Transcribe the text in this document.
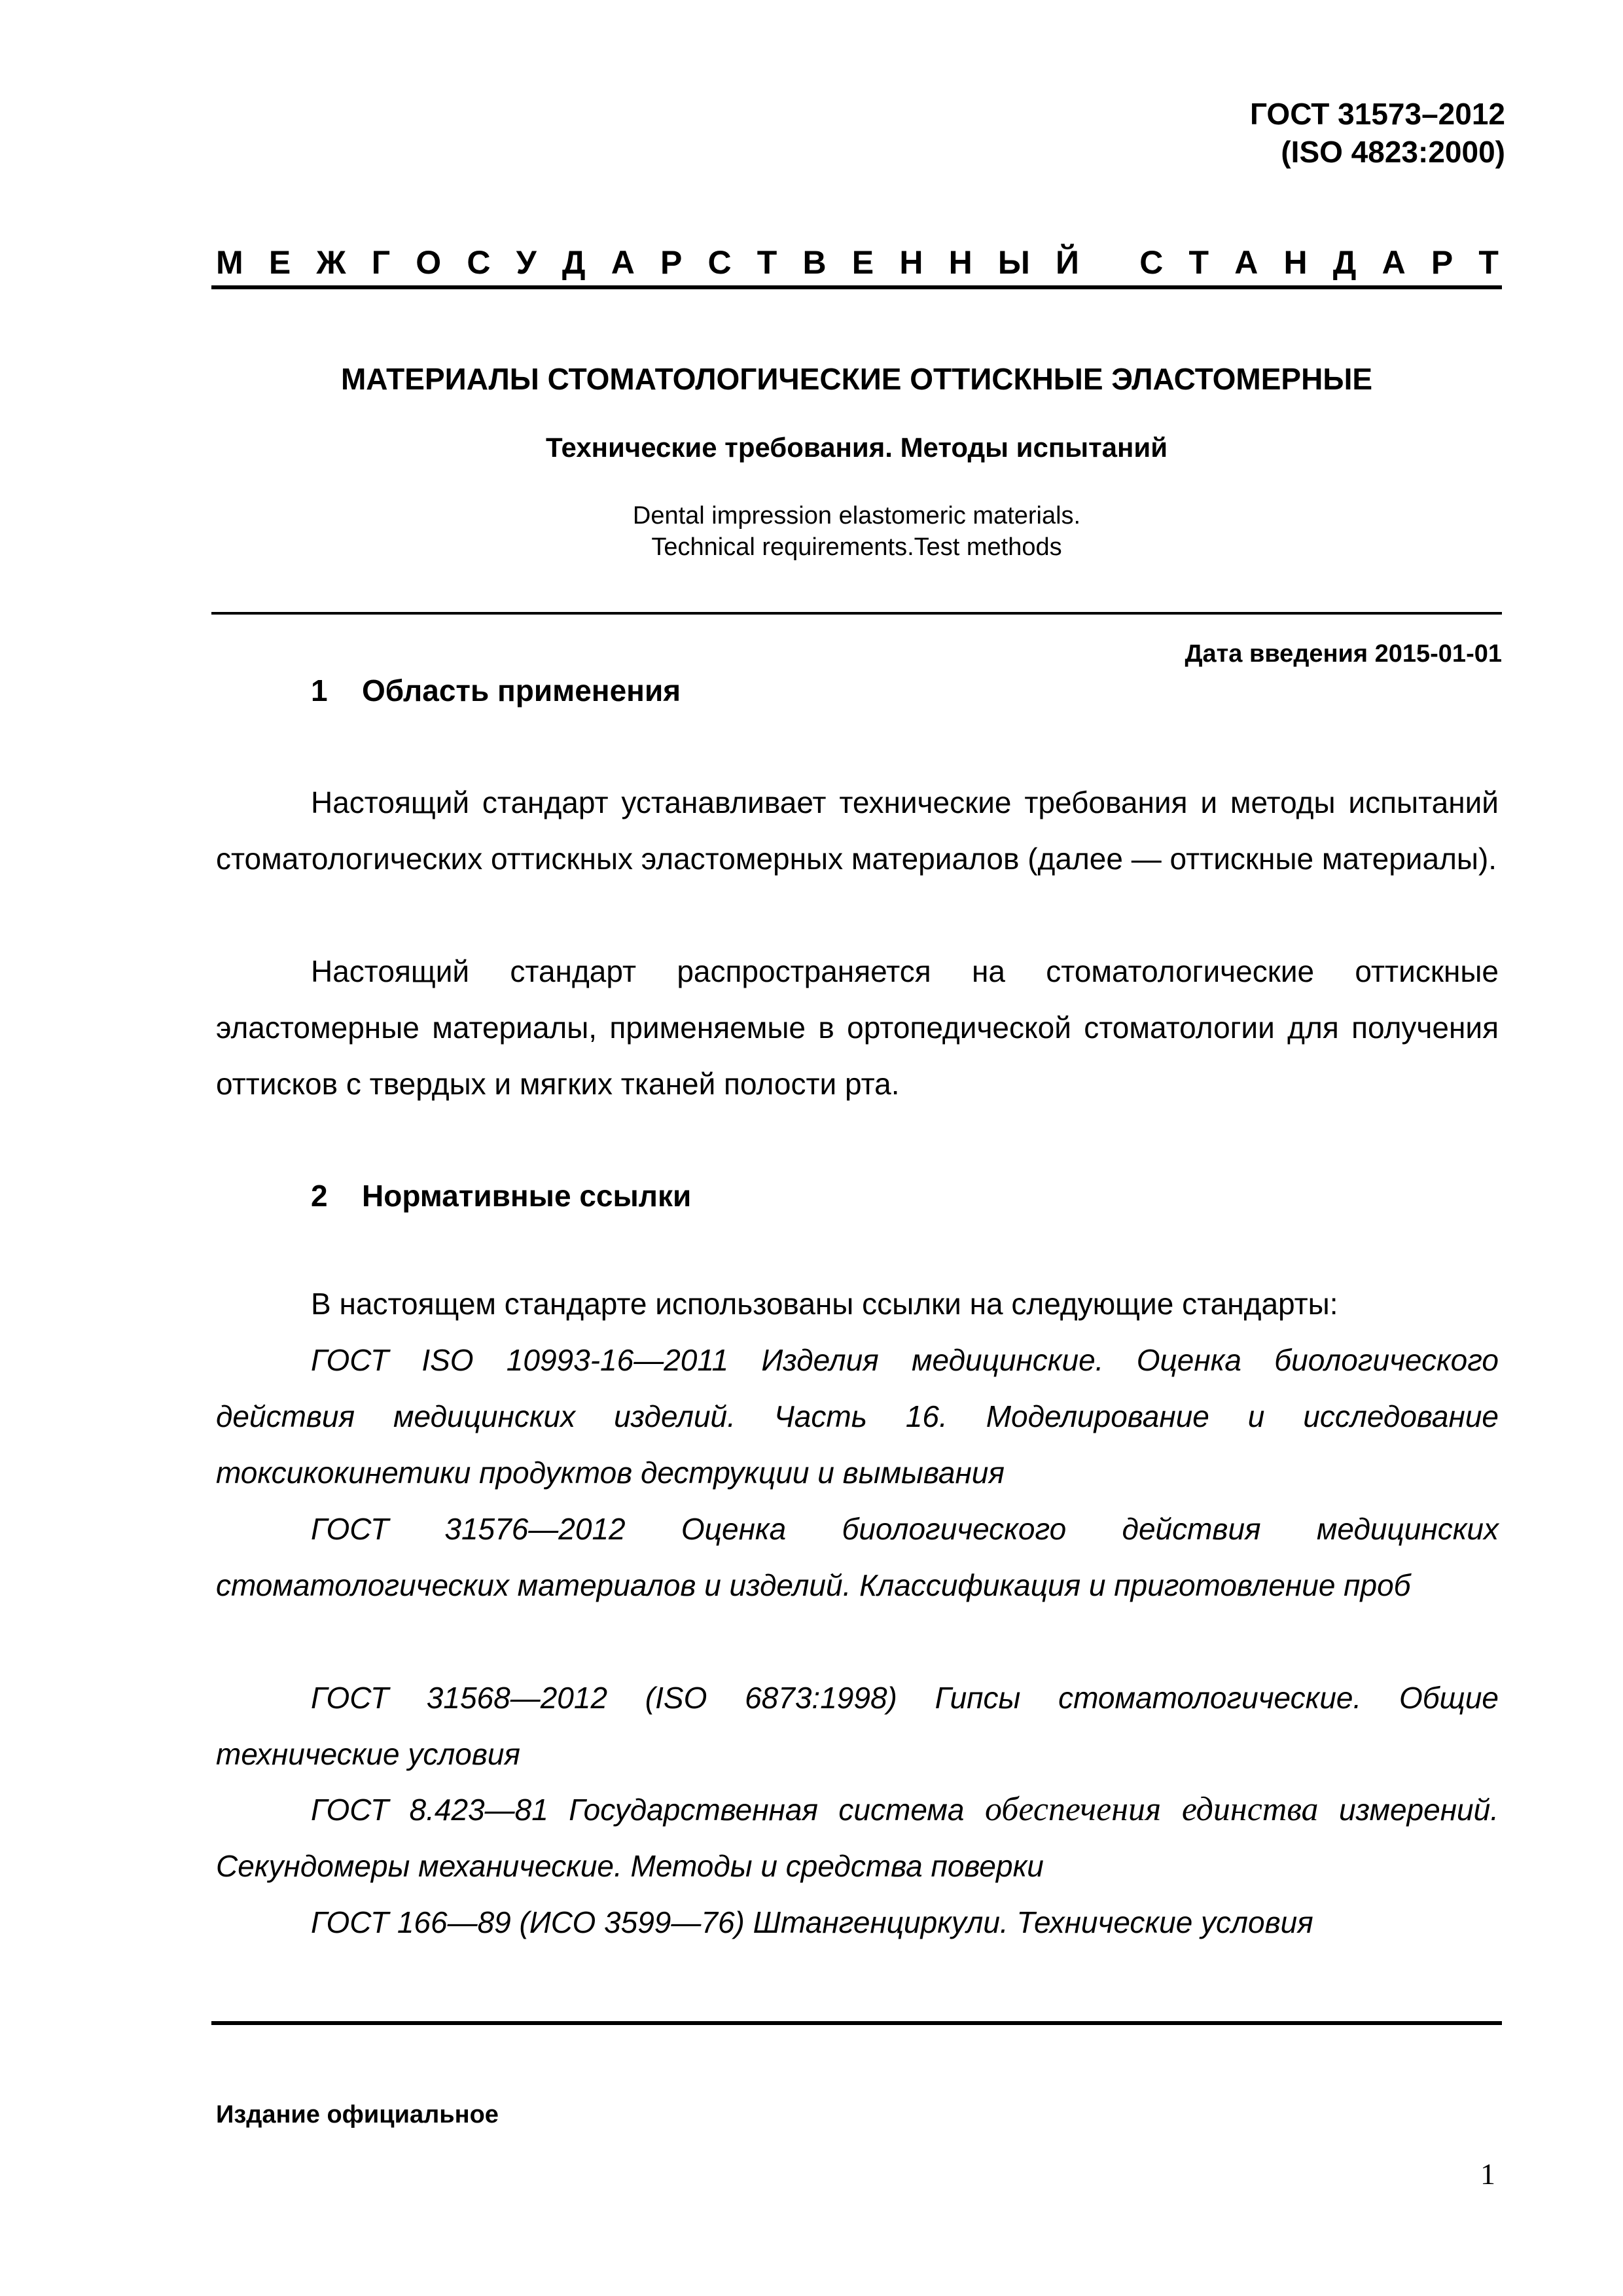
ГОСТ 31573–2012
(ISO 4823:2000)
М Е Ж Г О С У Д А Р С Т В Е Н Н Ы Й
С Т А Н Д А Р Т
МАТЕРИАЛЫ СТОМАТОЛОГИЧЕСКИЕ ОТТИСКНЫЕ ЭЛАСТОМЕРНЫЕ
Технические требования. Методы испытаний
Dental impression elastomeric materials.
Technical requirements.Test methods
Дата введения 2015-01-01
1 Область применения
Настоящий стандарт устанавливает технические требования и методы испытаний стоматологических оттискных эластомерных материалов (далее — оттискные материалы).
Настоящий стандарт распространяется на стоматологические оттискные эластомерные материалы, применяемые в ортопедической стоматологии для получения оттисков с твердых и мягких тканей полости рта.
2 Нормативные ссылки
В настоящем стандарте использованы ссылки на следующие стандарты:
ГОСТ ISO 10993-16—2011 Изделия медицинские. Оценка биологического действия медицинских изделий. Часть 16. Моделирование и исследование токсикокинетики продуктов деструкции и вымывания
ГОСТ 31576—2012 Оценка биологического действия медицинских стоматологических материалов и изделий. Классификация и приготовление проб
ГОСТ 31568—2012 (ISO 6873:1998) Гипсы стоматологические. Общие технические условия
ГОСТ 8.423—81 Государственная система обеспечения единства измерений. Секундомеры механические. Методы и средства поверки
ГОСТ 166—89 (ИСО 3599—76) Штангенциркули. Технические условия
Издание официальное
1
